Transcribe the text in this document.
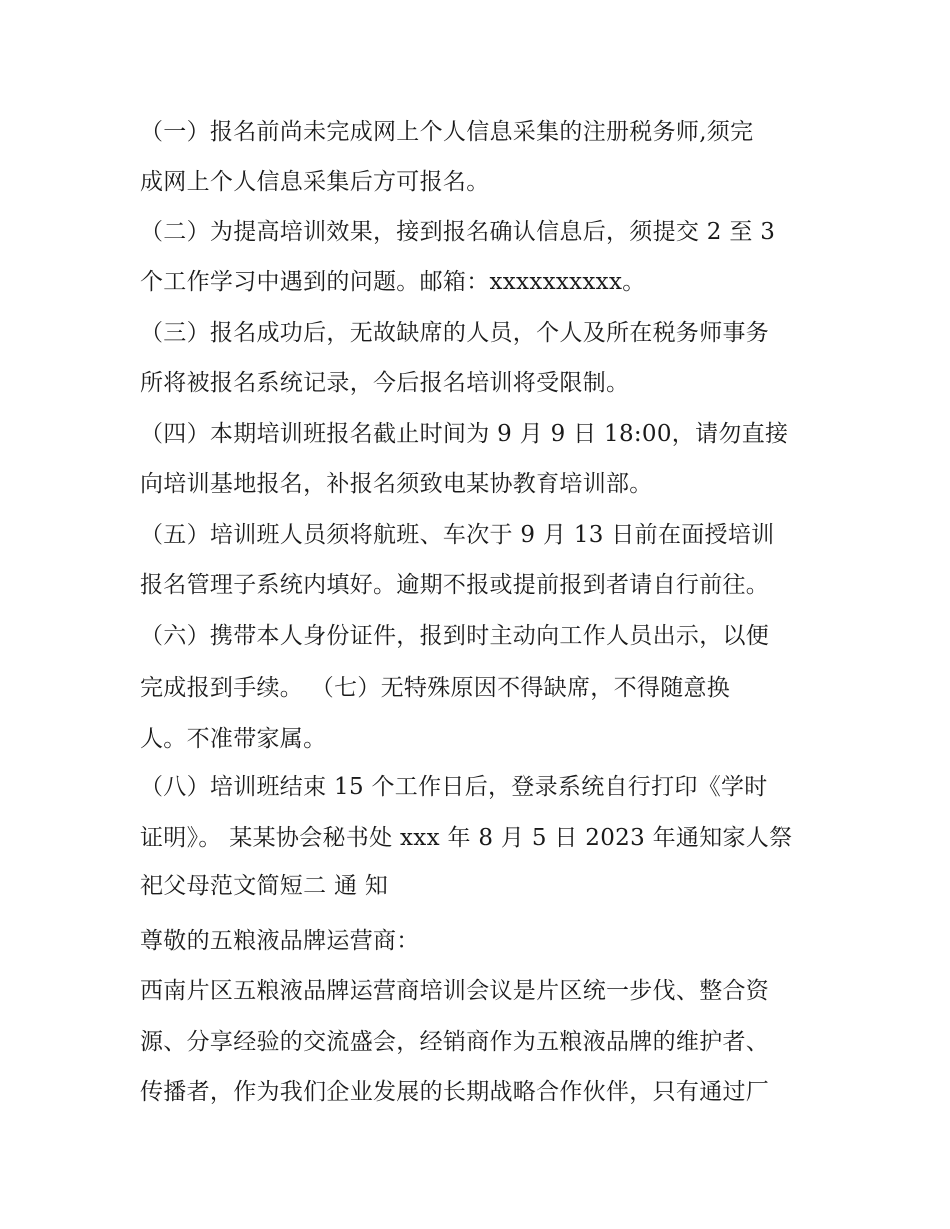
（一）报名前尚未完成网上个人信息采集的注册税务师,须完
成网上个人信息采集后方可报名。
（二）为提高培训效果，接到报名确认信息后，须提交 2 至 3
个工作学习中遇到的问题。邮箱：xxxxxxxxxx。
（三）报名成功后，无故缺席的人员，个人及所在税务师事务
所将被报名系统记录，今后报名培训将受限制。
（四）本期培训班报名截止时间为 9 月 9 日 18:00，请勿直接
向培训基地报名，补报名须致电某协教育培训部。
（五）培训班人员须将航班、车次于 9 月 13 日前在面授培训
报名管理子系统内填好。逾期不报或提前报到者请自行前往。
（六）携带本人身份证件，报到时主动向工作人员出示，以便
完成报到手续。 （七）无特殊原因不得缺席，不得随意换
人。不准带家属。
（八）培训班结束 15 个工作日后，登录系统自行打印《学时
证明》。 某某协会秘书处 xxx 年 8 月 5 日 2023 年通知家人祭
祀父母范文简短二 通 知
尊敬的五粮液品牌运营商：
西南片区五粮液品牌运营商培训会议是片区统一步伐、整合资
源、分享经验的交流盛会，经销商作为五粮液品牌的维护者、
传播者，作为我们企业发展的长期战略合作伙伴，只有通过厂
